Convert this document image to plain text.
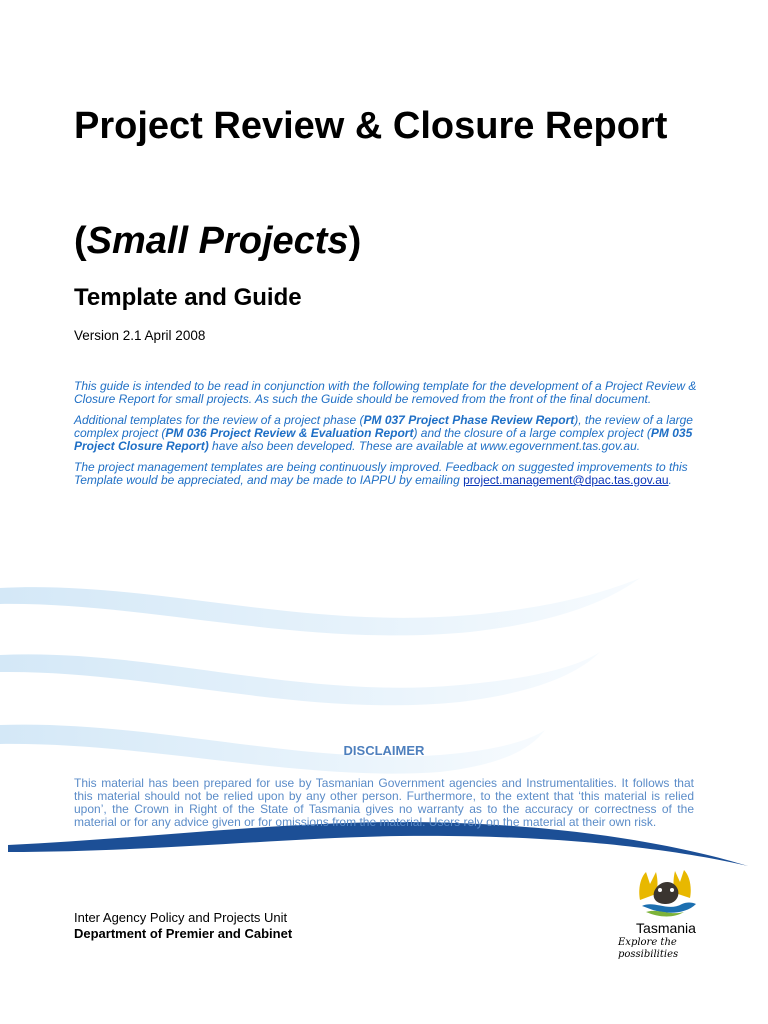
Project Review & Closure Report
(Small Projects)
Template and Guide

Version 2.1 April 2008

This guide is intended to be read in conjunction with the following template for the development of a Project Review & Closure Report for small projects. As such the Guide should be removed from the front of the final document.

Additional templates for the review of a project phase (PM 037 Project Phase Review Report), the review of a large complex project (PM 036 Project Review & Evaluation Report) and the closure of a large complex project (PM 035 Project Closure Report) have also been developed. These are available at www.egovernment.tas.gov.au.

The project management templates are being continuously improved. Feedback on suggested improvements to this Template would be appreciated, and may be made to IAPPU by emailing project.management@dpac.tas.gov.au.

DISCLAIMER

This material has been prepared for use by Tasmanian Government agencies and Instrumentalities. It follows that this material should not be relied upon by any other person. Furthermore, to the extent that ‘this material is relied upon’, the Crown in Right of the State of Tasmania gives no warranty as to the accuracy or correctness of the material or for any advice given or for omissions from the material. Users rely on the material at their own risk.

Inter Agency Policy and Projects Unit

Department of Premier and Cabinet	Tasmania

Explore the possibilities
